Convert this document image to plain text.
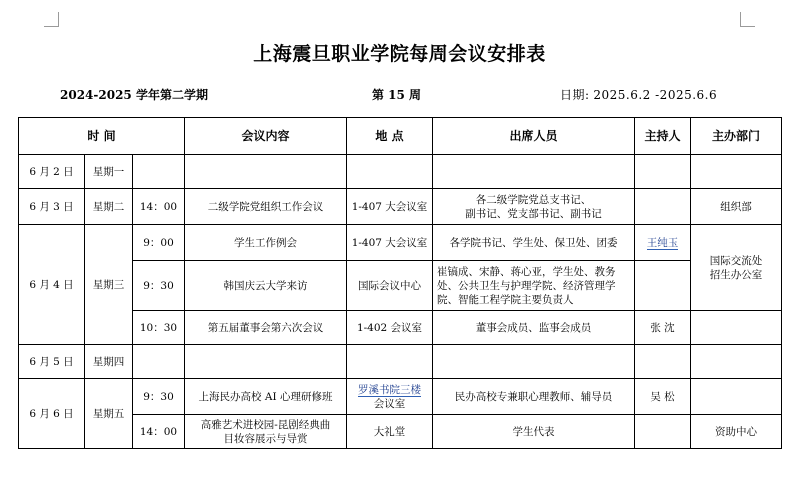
上海震旦职业学院每周会议安排表
2024-2025 学年第二学期	第 15 周	日期: 2025.6.2 -2025.6.6
时 间			会议内容	地 点	出席人员	主持人	主办部门
6 月 2 日	星期一						
6 月 3 日	星期二	14：00	二级学院党组织工作会议	1-407 大会议室	各二级学院党总支书记、
副书记、党支部书记、副书记		组织部
6 月 4 日	星期三	9：00	学生工作例会	1-407 大会议室	各学院书记、学生处、保卫处、团委	王纯玉	国际交流处
招生办公室

		9：30	韩国庆云大学来访	国际会议中心	崔镐成、宋静、蒋心亚，学生处、教务
处、公共卫生与护理学院、经济管理学
院、智能工程学院主要负责人		

		10：30	第五届董事会第六次会议	1-402 会议室	董事会成员、监事会成员	张 沈	
6 月 5 日	星期四						
6 月 6 日	星期五	9：30	上海民办高校 AI 心理研修班	罗溪书院三楼
会议室	民办高校专兼职心理教师、辅导员	吴 松	
		14：00	高雅艺术进校园-昆剧经典曲
目妆容展示与导赏	大礼堂	学生代表		资助中心
